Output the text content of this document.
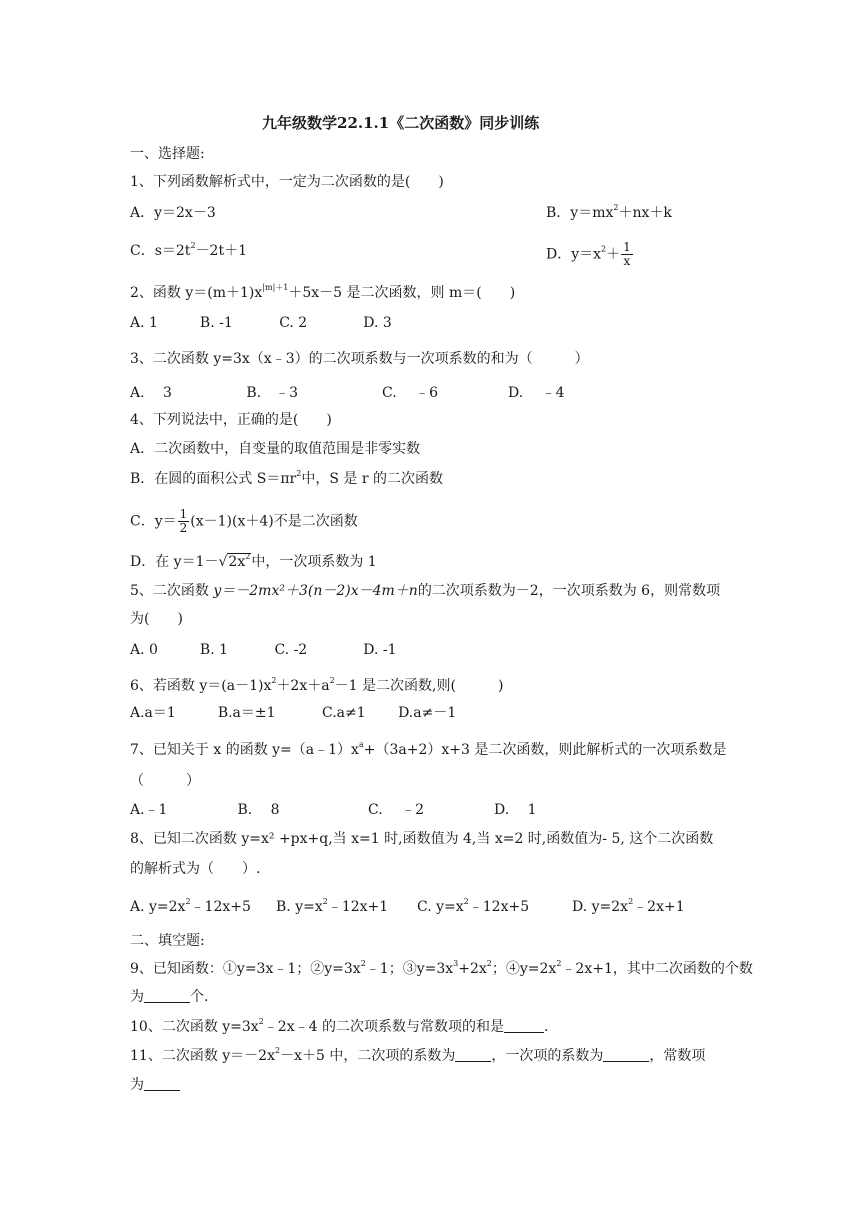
九年级数学22.1.1《二次函数》同步训练
一、选择题:
1、下列函数解析式中，一定为二次函数的是(　　)
A．y＝2x－3	B．$y=mx^2+nx+k$
C．$s=2t^2-2t+1$	D．$y=x^2+ \frac{1}{x}$
2、函数 $y=(m+1)x^{|m|+1}+5x-5$ 是二次函数，则 m＝(　　)
A. 1　　　B. -1　　　 C. 2　　　　D. 3
3、二次函数 y=3x（x﹣3）的二次项系数与一次项系数的和为（　　　）
A.　 3　　　　　 B.　﹣3　　　　　　C.　 ﹣6　　　　　D.　 ﹣4
4、下列说法中，正确的是(　　)
A．二次函数中，自变量的取值范围是非零实数
B．在圆的面积公式 $S=\pi r^2$中，S 是 r 的二次函数
C．$y= \frac{1}{2} (x-1)(x+4)$不是二次函数
D．在 $y=1-√2x^2$中，一次项系数为 1
5、二次函数 y＝－2mx²＋3(n－2)x－4m＋n的二次项系数为－2，一次项系数为 6，则常数项
为(　　)
A. 0　　　B. 1　　　 C. -2　　　　D. -1
6、若函数 $y=(a-1)x^2+2x+a^2-1$ 是二次函数,则(　　　)
A.a＝1　　　B.a＝±1　　　 C.a≠1　　 D.a≠－1
7、已知关于 x 的函数 $y=(a﹣1)x^a+(3a+2)x+3$ 是二次函数，则此解析式的一次项系数是
（　　　）
A.﹣1　　　　　B.　 8　　　　　　 C.　 ﹣2　　　　　D.　 1
8、已知二次函数 y=x² +px+q,当 x=1 时,函数值为 4,当 x=2 时,函数值为- 5, 这个二次函数
的解析式为（　　）.
A. $y=2x^2﹣12x+5$ B. $y=x^2﹣12x+1$ C. $y=x^2﹣12x+5$	D. $y=2x^2﹣2x+1$
二、填空题:
9、已知函数：①y=3x﹣1；$②y=3x^2﹣1$；$③y=3x^3+2x^2$；$④y=2x^2﹣2x+1$，其中二次函数的个数
为	个.
10、二次函数 $y=3x^2﹣2x﹣4$ 的二次项系数与常数项的和是	.
11、二次函数 $y=-2x^2-x+5$ 中，二次项的系数为	，一次项的系数为	，常数项
为
